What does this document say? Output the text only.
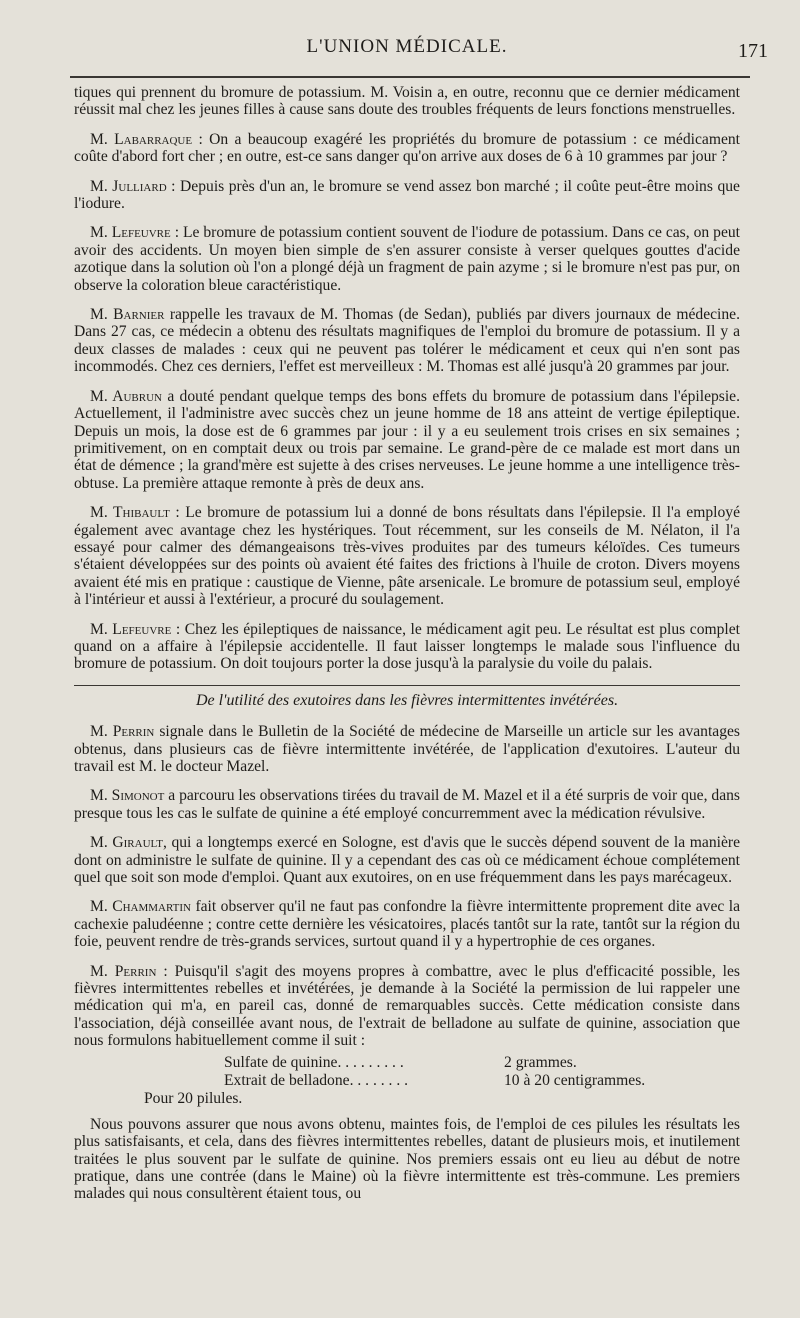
L'UNION MÉDICALE.	171

tiques qui prennent du bromure de potassium. M. Voisin a, en outre, reconnu que ce dernier médicament réussit mal chez les jeunes filles à cause sans doute des troubles fréquents de leurs fonctions menstruelles.

M. Labarraque : On a beaucoup exagéré les propriétés du bromure de potassium : ce médicament coûte d'abord fort cher ; en outre, est-ce sans danger qu'on arrive aux doses de 6 à 10 grammes par jour ?

M. Julliard : Depuis près d'un an, le bromure se vend assez bon marché ; il coûte peut-être moins que l'iodure.

M. Lefeuvre : Le bromure de potassium contient souvent de l'iodure de potassium. Dans ce cas, on peut avoir des accidents. Un moyen bien simple de s'en assurer consiste à verser quelques gouttes d'acide azotique dans la solution où l'on a plongé déjà un fragment de pain azyme ; si le bromure n'est pas pur, on observe la coloration bleue caractéristique.

M. Barnier rappelle les travaux de M. Thomas (de Sedan), publiés par divers journaux de médecine. Dans 27 cas, ce médecin a obtenu des résultats magnifiques de l'emploi du bromure de potassium. Il y a deux classes de malades : ceux qui ne peuvent pas tolérer le médicament et ceux qui n'en sont pas incommodés. Chez ces derniers, l'effet est merveilleux : M. Thomas est allé jusqu'à 20 grammes par jour.

M. Aubrun a douté pendant quelque temps des bons effets du bromure de potassium dans l'épilepsie. Actuellement, il l'administre avec succès chez un jeune homme de 18 ans atteint de vertige épileptique. Depuis un mois, la dose est de 6 grammes par jour : il y a eu seulement trois crises en six semaines ; primitivement, on en comptait deux ou trois par semaine. Le grand-père de ce malade est mort dans un état de démence ; la grand'mère est sujette à des crises nerveuses. Le jeune homme a une intelligence très-obtuse. La première attaque remonte à près de deux ans.

M. Thibault : Le bromure de potassium lui a donné de bons résultats dans l'épilepsie. Il l'a employé également avec avantage chez les hystériques. Tout récemment, sur les conseils de M. Nélaton, il l'a essayé pour calmer des démangeaisons très-vives produites par des tumeurs kéloïdes. Ces tumeurs s'étaient développées sur des points où avaient été faites des frictions à l'huile de croton. Divers moyens avaient été mis en pratique : caustique de Vienne, pâte arsenicale. Le bromure de potassium seul, employé à l'intérieur et aussi à l'extérieur, a procuré du soulagement.

M. Lefeuvre : Chez les épileptiques de naissance, le médicament agit peu. Le résultat est plus complet quand on a affaire à l'épilepsie accidentelle. Il faut laisser longtemps le malade sous l'influence du bromure de potassium. On doit toujours porter la dose jusqu'à la paralysie du voile du palais.

De l'utilité des exutoires dans les fièvres intermittentes invétérées.

M. Perrin signale dans le Bulletin de la Société de médecine de Marseille un article sur les avantages obtenus, dans plusieurs cas de fièvre intermittente invétérée, de l'application d'exutoires. L'auteur du travail est M. le docteur Mazel.

M. Simonot a parcouru les observations tirées du travail de M. Mazel et il a été surpris de voir que, dans presque tous les cas le sulfate de quinine a été employé concurremment avec la médication révulsive.

M. Girault, qui a longtemps exercé en Sologne, est d'avis que le succès dépend souvent de la manière dont on administre le sulfate de quinine. Il y a cependant des cas où ce médicament échoue complétement quel que soit son mode d'emploi. Quant aux exutoires, on en use fréquemment dans les pays marécageux.

M. Chammartin fait observer qu'il ne faut pas confondre la fièvre intermittente proprement dite avec la cachexie paludéenne ; contre cette dernière les vésicatoires, placés tantôt sur la rate, tantôt sur la région du foie, peuvent rendre de très-grands services, surtout quand il y a hypertrophie de ces organes.

M. Perrin : Puisqu'il s'agit des moyens propres à combattre, avec le plus d'efficacité possible, les fièvres intermittentes rebelles et invétérées, je demande à la Société la permission de lui rappeler une médication qui m'a, en pareil cas, donné de remarquables succès. Cette médication consiste dans l'association, déjà conseillée avant nous, de l'extrait de belladone au sulfate de quinine, association que nous formulons habituellement comme il suit :

Sulfate de quinine. . . . . . . . .	2 grammes.
Extrait de belladone. . . . . . . .	10 à 20 centigrammes.
Pour 20 pilules.

Nous pouvons assurer que nous avons obtenu, maintes fois, de l'emploi de ces pilules les résultats les plus satisfaisants, et cela, dans des fièvres intermittentes rebelles, datant de plusieurs mois, et inutilement traitées le plus souvent par le sulfate de quinine. Nos premiers essais ont eu lieu au début de notre pratique, dans une contrée (dans le Maine) où la fièvre intermittente est très-commune. Les premiers malades qui nous consultèrent étaient tous, ou
